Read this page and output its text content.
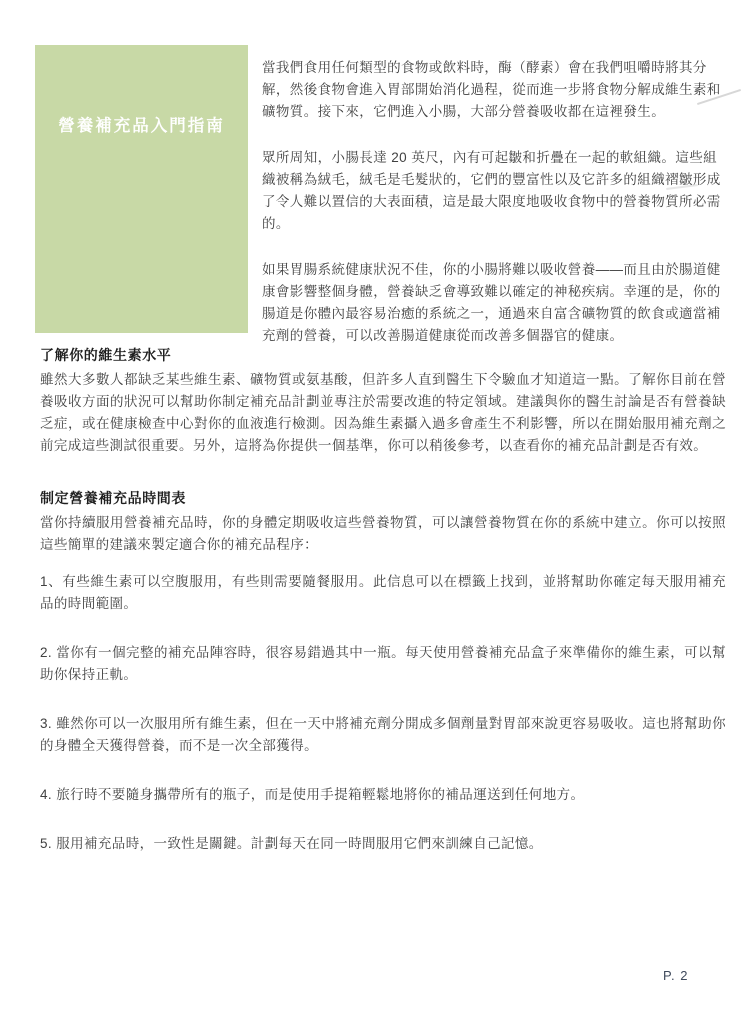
營養補充品入門指南

當我們食用任何類型的食物或飲料時，酶（酵素）會在我們咀嚼時將其分解，然後食物會進入胃部開始消化過程，從而進一步將食物分解成維生素和礦物質。接下來，它們進入小腸，大部分營養吸收都在這裡發生。

眾所周知，小腸長達 20 英尺，內有可起皺和折疊在一起的軟組織。這些組織被稱為絨毛，絨毛是毛髮狀的，它們的豐富性以及它許多的組織褶皺形成了令人難以置信的大表面積，這是最大限度地吸收食物中的營養物質所必需的。

如果胃腸系統健康狀況不佳，你的小腸將難以吸收營養——而且由於腸道健康會影響整個身體，營養缺乏會導致難以確定的神秘疾病。幸運的是，你的腸道是你體內最容易治癒的系統之一，通過來自富含礦物質的飲食或適當補充劑的營養，可以改善腸道健康從而改善多個器官的健康。

了解你的維生素水平

雖然大多數人都缺乏某些維生素、礦物質或氨基酸，但許多人直到醫生下令驗血才知道這一點。了解你目前在營養吸收方面的狀況可以幫助你制定補充品計劃並專注於需要改進的特定領域。建議與你的醫生討論是否有營養缺乏症，或在健康檢查中心對你的血液進行檢測。因為維生素攝入過多會產生不利影響，所以在開始服用補充劑之前完成這些測試很重要。另外，這將為你提供一個基準，你可以稍後參考，以查看你的補充品計劃是否有效。

制定營養補充品時間表

當你持續服用營養補充品時，你的身體定期吸收這些營養物質，可以讓營養物質在你的系統中建立。你可以按照這些簡單的建議來製定適合你的補充品程序：

1、有些維生素可以空腹服用，有些則需要隨餐服用。此信息可以在標籤上找到，並將幫助你確定每天服用補充品的時間範圍。

2. 當你有一個完整的補充品陣容時，很容易錯過其中一瓶。每天使用營養補充品盒子來準備你的維生素，可以幫助你保持正軌。

3. 雖然你可以一次服用所有維生素，但在一天中將補充劑分開成多個劑量對胃部來說更容易吸收。這也將幫助你的身體全天獲得營養，而不是一次全部獲得。

4. 旅行時不要隨身攜帶所有的瓶子，而是使用手提箱輕鬆地將你的補品運送到任何地方。

5. 服用補充品時，一致性是關鍵。計劃每天在同一時間服用它們來訓練自己記憶。

P. 2
